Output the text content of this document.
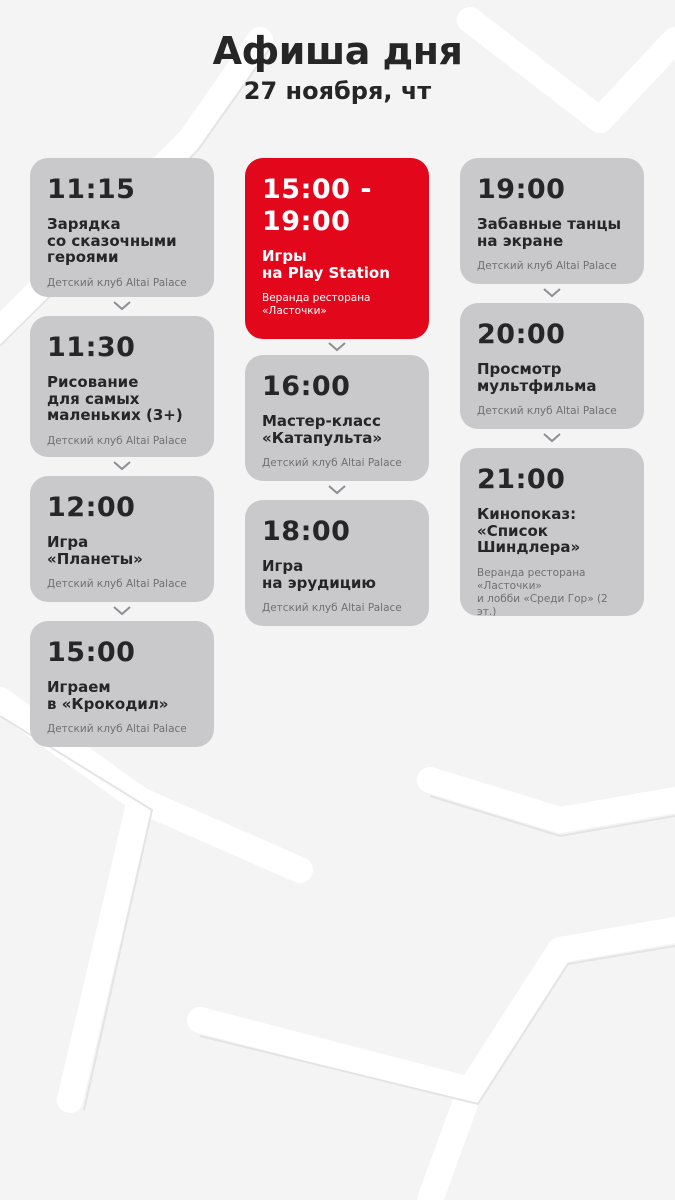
Афиша дня
27 ноября, чт
11:15
Зарядка
со сказочными
героями
Детский клуб Altai Palace
11:30
Рисование
для самых
маленьких (3+)
Детский клуб Altai Palace
12:00
Игра
«Планеты»
Детский клуб Altai Palace
15:00
Играем
в «Крокодил»
Детский клуб Altai Palace
15:00 -
19:00
Игры
на Play Station
Веранда ресторана
«Ласточки»
16:00
Мастер-класс
«Катапульта»
Детский клуб Altai Palace
18:00
Игра
на эрудицию
Детский клуб Altai Palace
19:00
Забавные танцы
на экране
Детский клуб Altai Palace
20:00
Просмотр
мультфильма
Детский клуб Altai Palace
21:00
Кинопоказ:
«Список
Шиндлера»
Веранда ресторана
«Ласточки»
и лобби «Среди Гор» (2 эт.)
